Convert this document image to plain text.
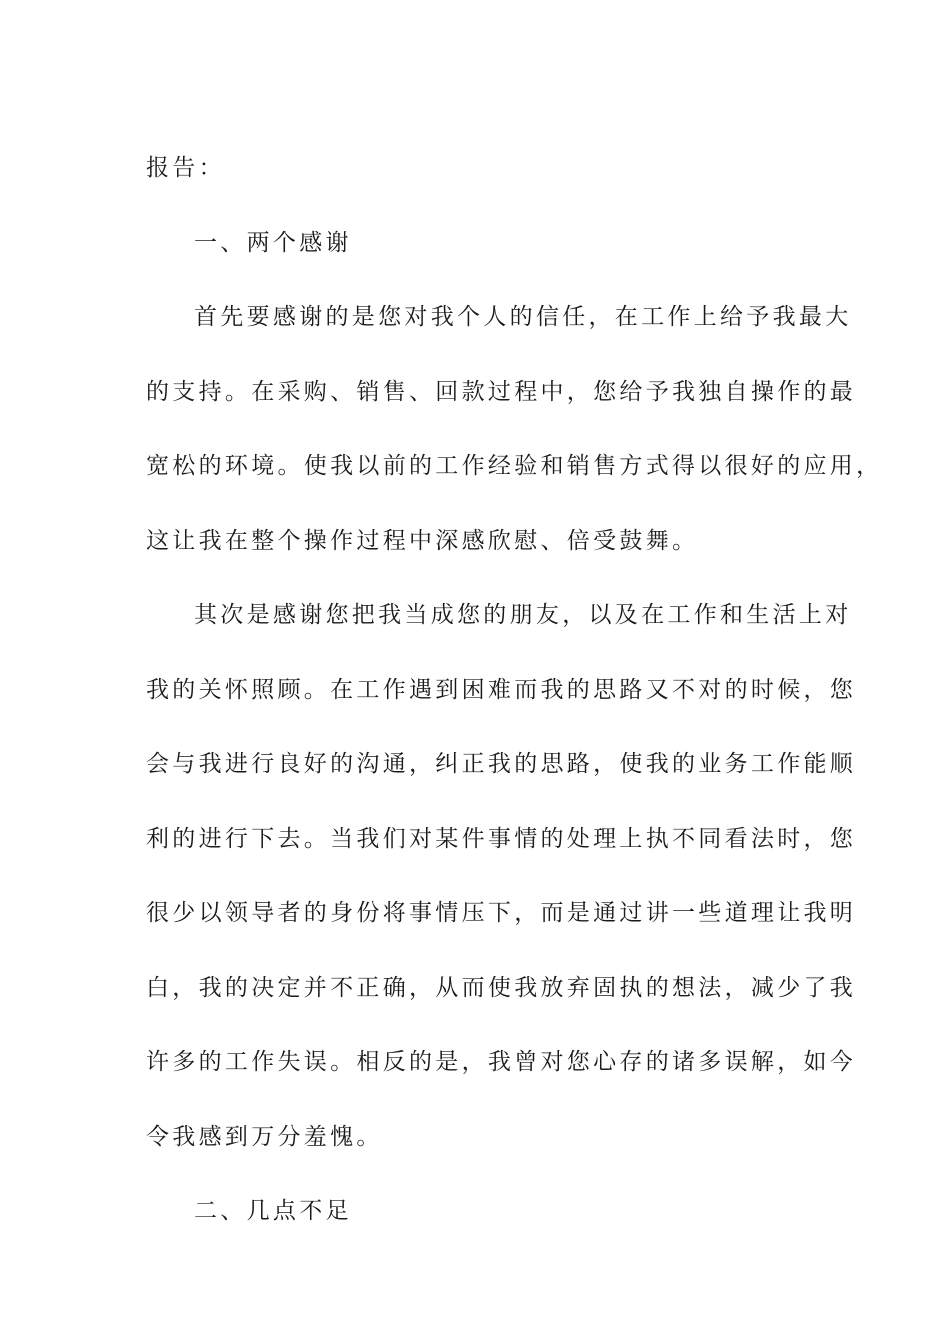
报告：
一、两个感谢
首先要感谢的是您对我个人的信任，在工作上给予我最大
的支持。在采购、销售、回款过程中，您给予我独自操作的最
宽松的环境。使我以前的工作经验和销售方式得以很好的应用，
这让我在整个操作过程中深感欣慰、倍受鼓舞。
其次是感谢您把我当成您的朋友，以及在工作和生活上对
我的关怀照顾。在工作遇到困难而我的思路又不对的时候，您
会与我进行良好的沟通，纠正我的思路，使我的业务工作能顺
利的进行下去。当我们对某件事情的处理上执不同看法时，您
很少以领导者的身份将事情压下，而是通过讲一些道理让我明
白，我的决定并不正确，从而使我放弃固执的想法，减少了我
许多的工作失误。相反的是，我曾对您心存的诸多误解，如今
令我感到万分羞愧。
二、几点不足
